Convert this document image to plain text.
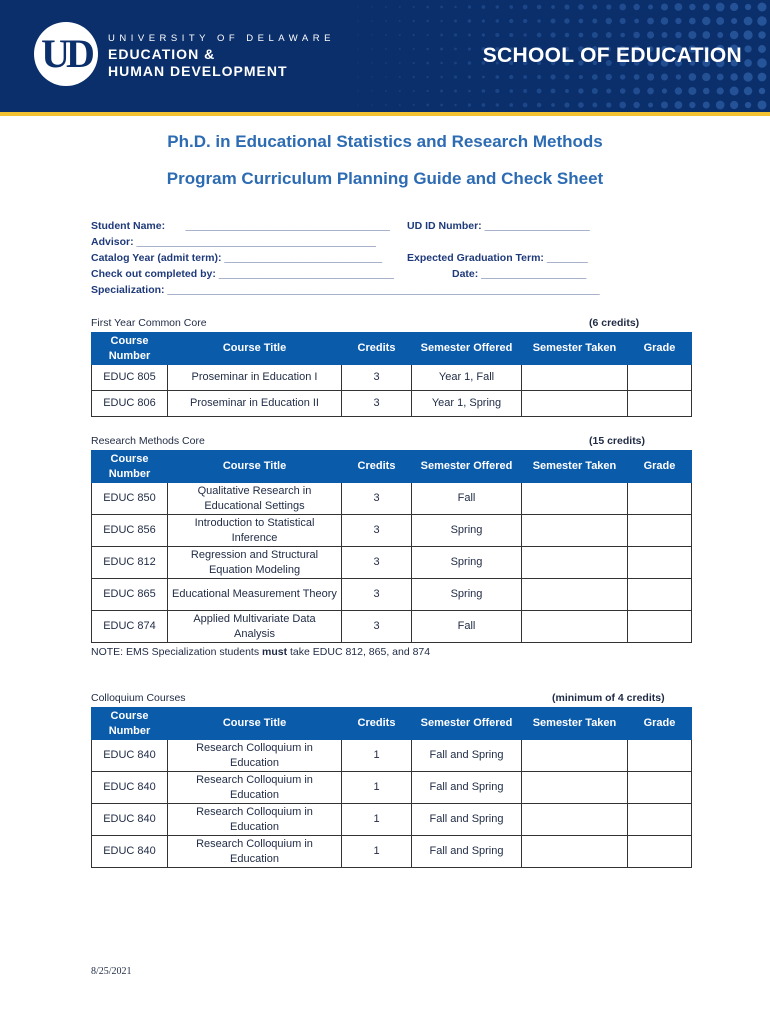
UD	UNIVERSITY OF DELAWARE
EDUCATION &
HUMAN DEVELOPMENT
SCHOOL OF EDUCATION
Ph.D. in Educational Statistics and Research Methods
Program Curriculum Planning Guide and Check Sheet
Student Name:       ___________________________________ UD ID Number: __________________
Advisor: _________________________________________
Catalog Year (admit term): ___________________________ Expected Graduation Term: _______
Check out completed by: ______________________________	Date: __________________
Specialization: __________________________________________________________________________
First Year Common Core	(6 credits)
Course Number	Course Title	Credits	Semester Offered	Semester Taken	Grade
EDUC 805	Proseminar in Education I	3	Year 1, Fall		
EDUC 806	Proseminar in Education II	3	Year 1, Spring		
Research Methods Core	(15 credits)
Course Number	Course Title	Credits	Semester Offered	Semester Taken	Grade
EDUC 850	Qualitative Research in Educational Settings	3	Fall		
EDUC 856	Introduction to Statistical Inference	3	Spring		
EDUC 812	Regression and Structural Equation Modeling	3	Spring		
EDUC 865	Educational Measurement Theory	3	Spring		
EDUC 874	Applied Multivariate Data Analysis	3	Fall		
NOTE: EMS Specialization students must take EDUC 812, 865, and 874
Colloquium Courses	(minimum of 4 credits)
Course Number	Course Title	Credits	Semester Offered	Semester Taken	Grade
EDUC 840	Research Colloquium in Education	1	Fall and Spring		
EDUC 840	Research Colloquium in Education	1	Fall and Spring		
EDUC 840	Research Colloquium in Education	1	Fall and Spring		
EDUC 840	Research Colloquium in Education	1	Fall and Spring		
8/25/2021
